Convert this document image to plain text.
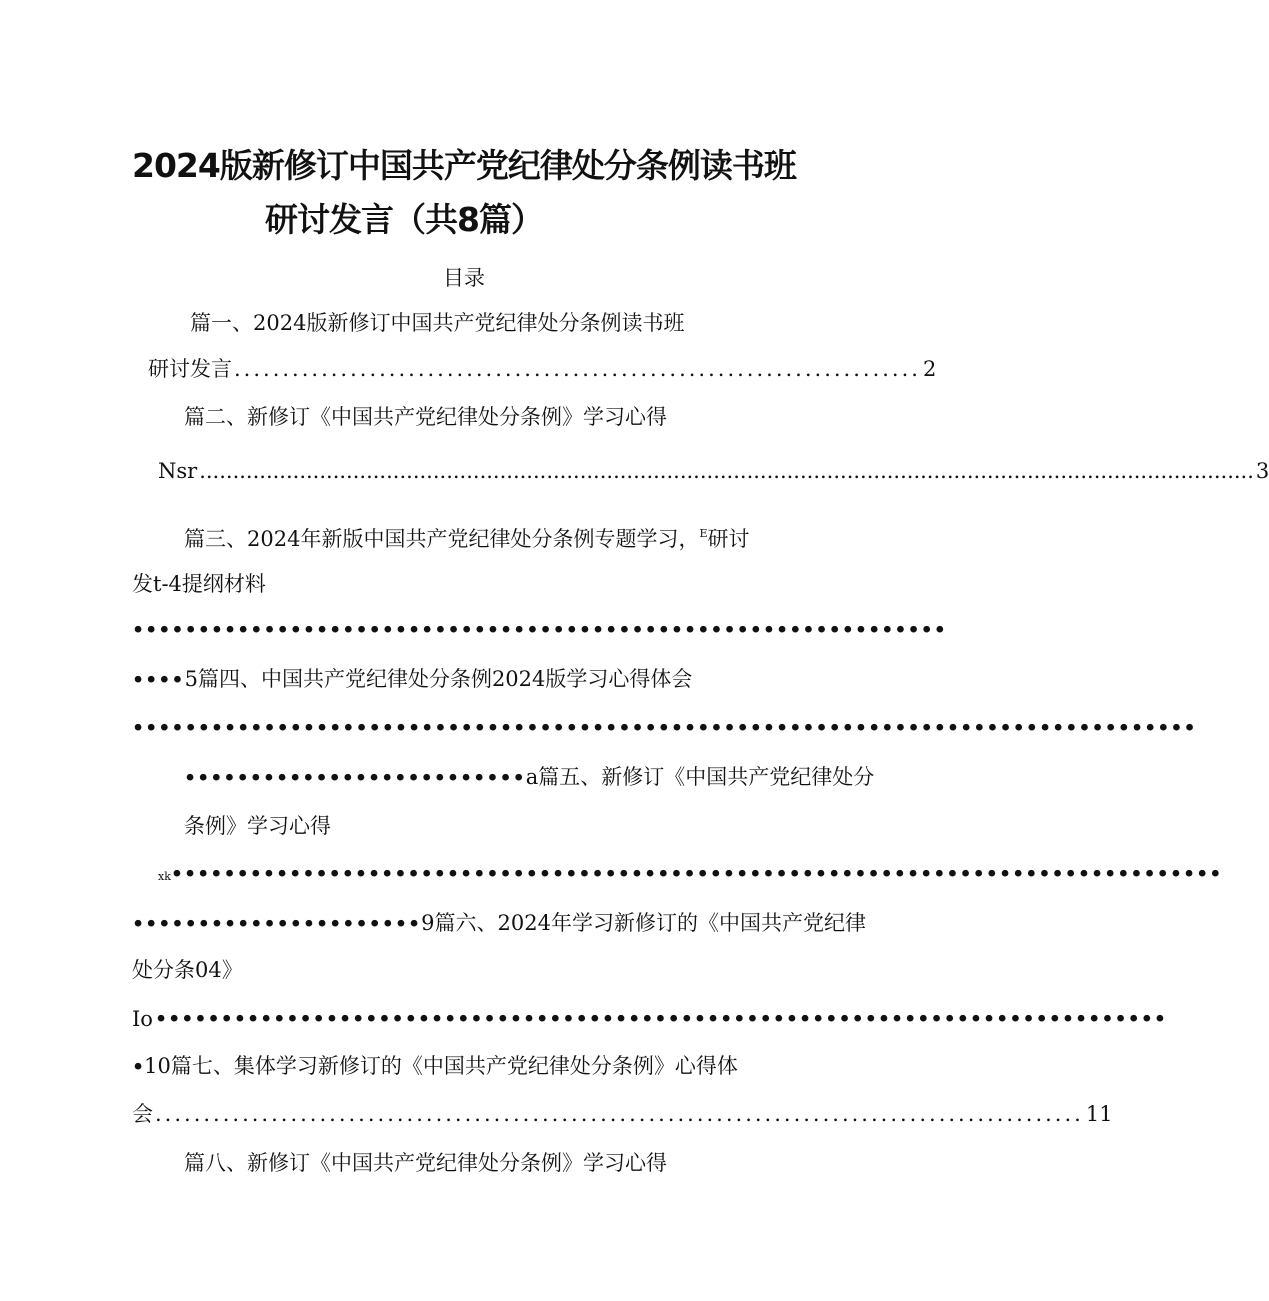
2024版新修订中国共产党纪律处分条例读书班
研讨发言（共8篇）
目录
篇一、2024版新修订中国共产党纪律处分条例读书班
研讨发言 ....................................................................... 2
篇二、新修订《中国共产党纪律处分条例》学习心得
Nsr .............................................................................................................................................................. 3
篇三、2024年新版中国共产党纪律处分条例专题学习，$^E$研讨
发t-4提纲材料
••••••••••••••••••••••••••••••••••••••••••••••••••••••••••••••
••••5篇四、中国共产党纪律处分条例2024版学习心得体会
•••••••••••••••••••••••••••••••••••••••••••••••••••••••••••••••••••••••••••••••••
••••••••••••••••••••••••••a篇五、新修订《中国共产党纪律处分
条例》学习心得
xk••••••••••••••••••••••••••••••••••••••••••••••••••••••••••••••••••••••••••••••••
••••••••••••••••••••••9篇六、2024年学习新修订的《中国共产党纪律
处分条04》
Io •••••••••••••••••••••••••••••••••••••••••••••••••••••••••••••••••••••••••••••
•10篇七、集体学习新修订的《中国共产党纪律处分条例》心得体
会 ................................................................................................ 11
篇八、新修订《中国共产党纪律处分条例》学习心得
